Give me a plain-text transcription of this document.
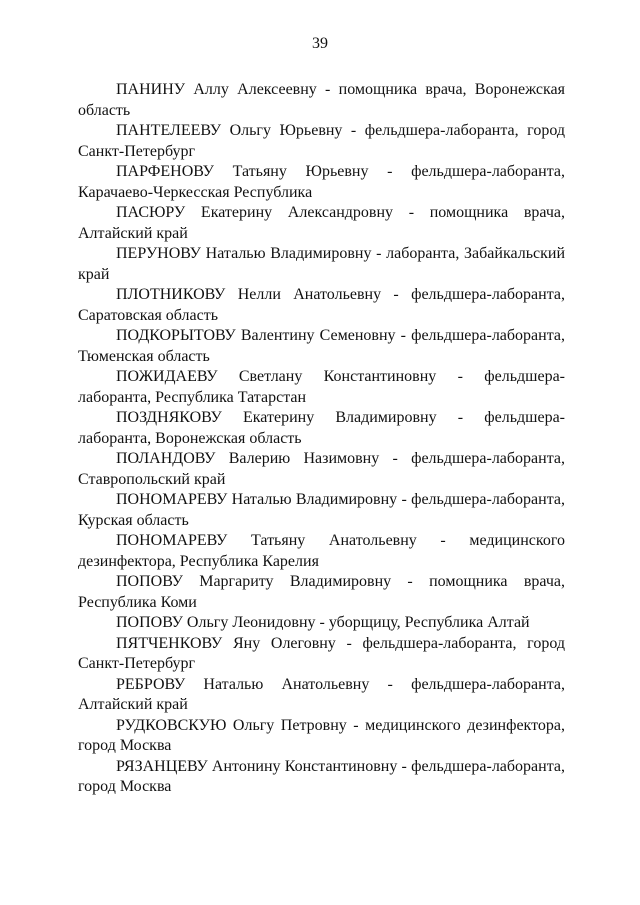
39
ПАНИНУ Аллу Алексеевну - помощника врача, Воронежская область
ПАНТЕЛЕЕВУ Ольгу Юрьевну - фельдшера-лаборанта, город Санкт-Петербург
ПАРФЕНОВУ Татьяну Юрьевну - фельдшера-лаборанта, Карачаево-Черкесская Республика
ПАСЮРУ Екатерину Александровну - помощника врача, Алтайский край
ПЕРУНОВУ Наталью Владимировну - лаборанта, Забайкальский край
ПЛОТНИКОВУ Нелли Анатольевну - фельдшера-лаборанта, Саратовская область
ПОДКОРЫТОВУ Валентину Семеновну - фельдшера-лаборанта, Тюменская область
ПОЖИДАЕВУ Светлану Константиновну - фельдшера-лаборанта, Республика Татарстан
ПОЗДНЯКОВУ Екатерину Владимировну - фельдшера-лаборанта, Воронежская область
ПОЛАНДОВУ Валерию Назимовну - фельдшера-лаборанта, Ставропольский край
ПОНОМАРЕВУ Наталью Владимировну - фельдшера-лаборанта, Курская область
ПОНОМАРЕВУ Татьяну Анатольевну - медицинского дезинфектора, Республика Карелия
ПОПОВУ Маргариту Владимировну - помощника врача, Республика Коми
ПОПОВУ Ольгу Леонидовну - уборщицу, Республика Алтай
ПЯТЧЕНКОВУ Яну Олеговну - фельдшера-лаборанта, город Санкт-Петербург
РЕБРОВУ Наталью Анатольевну - фельдшера-лаборанта, Алтайский край
РУДКОВСКУЮ Ольгу Петровну - медицинского дезинфектора, город Москва
РЯЗАНЦЕВУ Антонину Константиновну - фельдшера-лаборанта, город Москва
